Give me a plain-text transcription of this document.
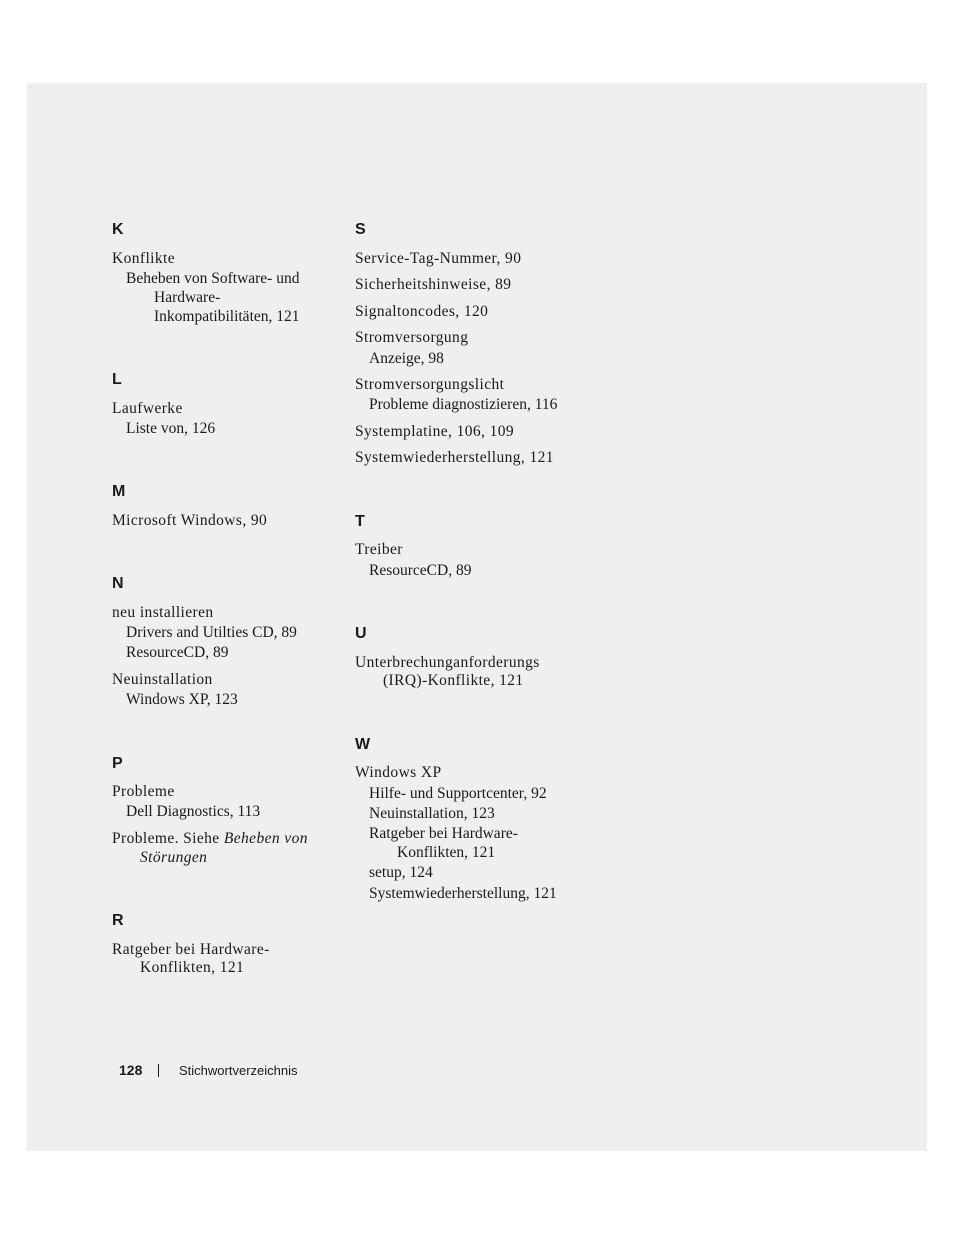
K
Konflikte
Beheben von Software- und
Hardware-
Inkompatibilitäten, 121
L
Laufwerke
Liste von, 126
M
Microsoft Windows, 90
N
neu installieren
Drivers and Utilties CD, 89
ResourceCD, 89
Neuinstallation
Windows XP, 123
P
Probleme
Dell Diagnostics, 113
Probleme. Siehe Beheben von
Störungen
R
Ratgeber bei Hardware-
Konflikten, 121
S
Service-Tag-Nummer, 90
Sicherheitshinweise, 89
Signaltoncodes, 120
Stromversorgung
Anzeige, 98
Stromversorgungslicht
Probleme diagnostizieren, 116
Systemplatine, 106, 109
Systemwiederherstellung, 121
T
Treiber
ResourceCD, 89
U
Unterbrechunganforderungs
(IRQ)-Konflikte, 121
W
Windows XP
Hilfe- und Supportcenter, 92
Neuinstallation, 123
Ratgeber bei Hardware-
Konflikten, 121
setup, 124
Systemwiederherstellung, 121
128	Stichwortverzeichnis
